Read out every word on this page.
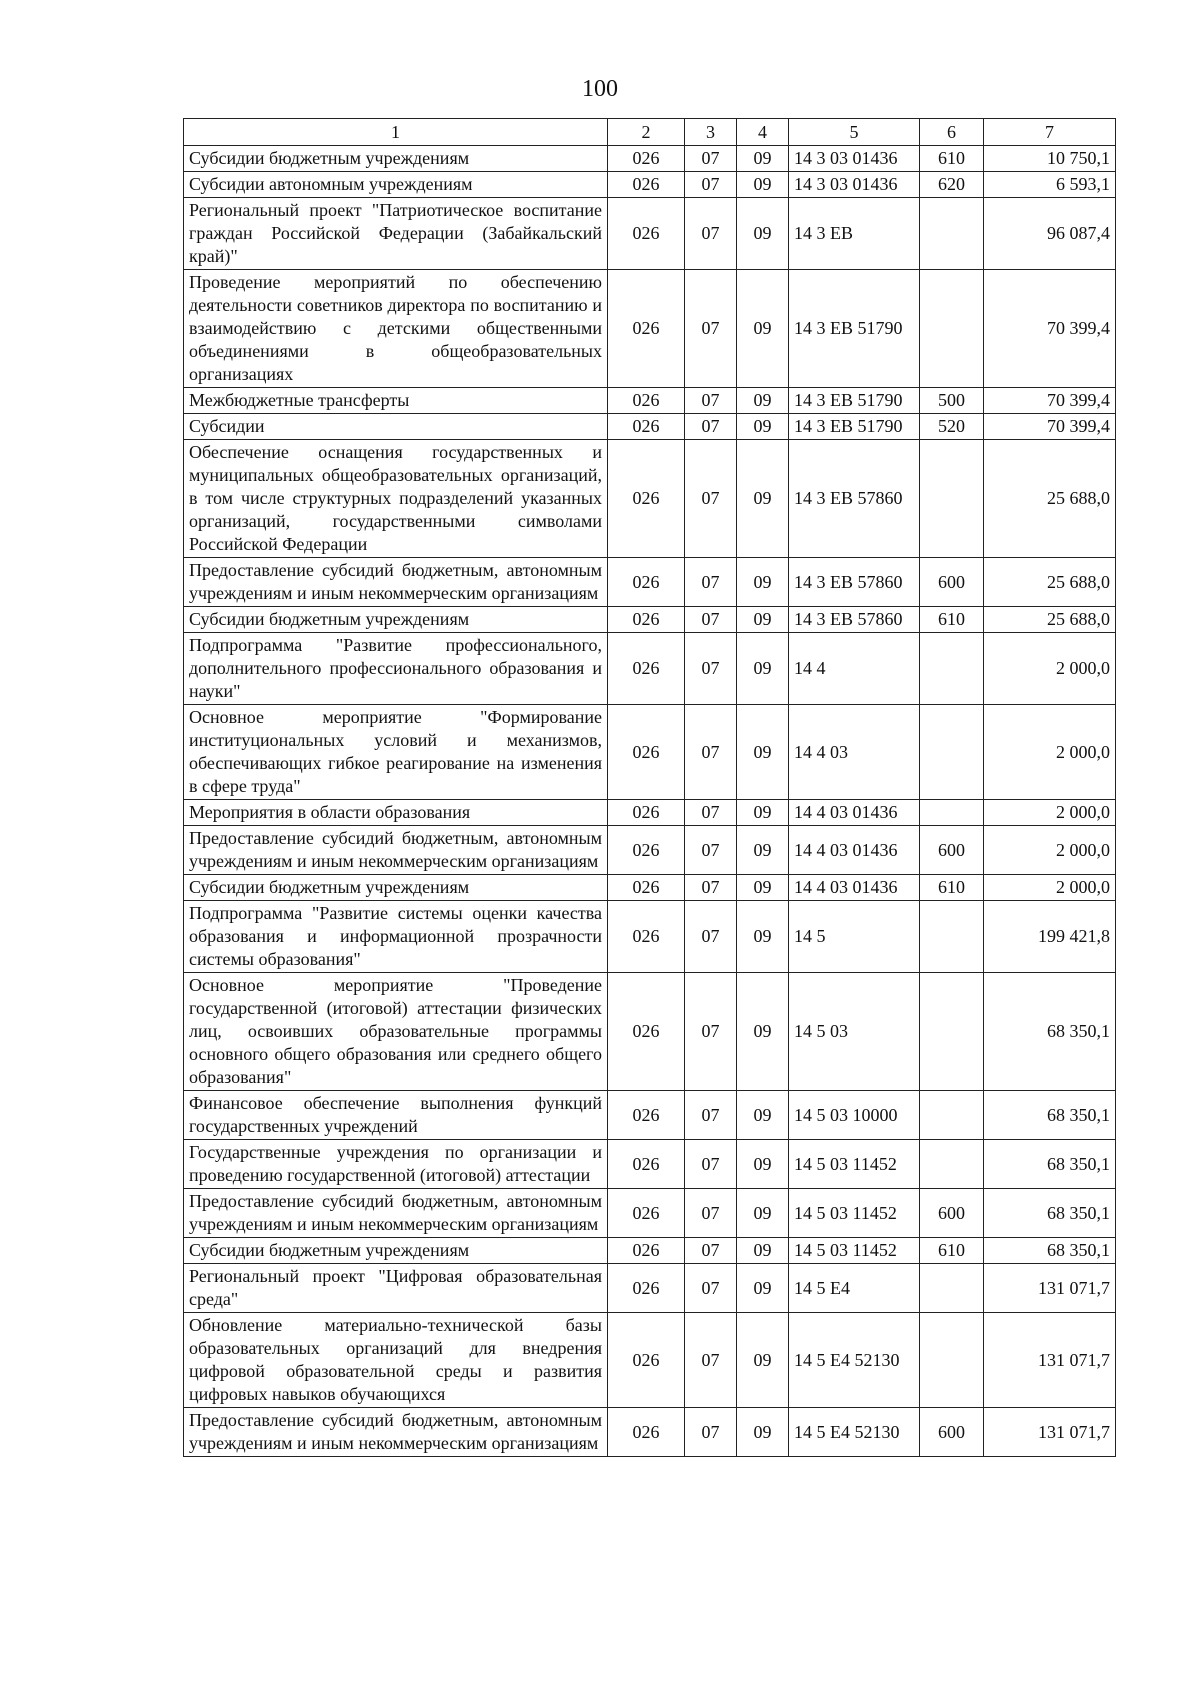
100
1	2	3	4	5	6	7
Субсидии бюджетным учреждениям	026	07	09	14 3 03 01436	610	10 750,1
Субсидии автономным учреждениям	026	07	09	14 3 03 01436	620	6 593,1
Региональный проект "Патриотическое воспитание граждан Российской Федерации (Забайкальский край)"	026	07	09	14 3 ЕВ		96 087,4
Проведение мероприятий по обеспечению деятельности советников директора по воспитанию и взаимодействию с детскими общественными объединениями в общеобразовательных организациях	026	07	09	14 3 ЕВ 51790		70 399,4
Межбюджетные трансферты	026	07	09	14 3 ЕВ 51790	500	70 399,4
Субсидии	026	07	09	14 3 ЕВ 51790	520	70 399,4
Обеспечение оснащения государственных и муниципальных общеобразовательных организаций, в том числе структурных подразделений указанных организаций, государственными символами Российской Федерации	026	07	09	14 3 ЕВ 57860		25 688,0
Предоставление субсидий бюджетным, автономным учреждениям и иным некоммерческим организациям	026	07	09	14 3 ЕВ 57860	600	25 688,0
Субсидии бюджетным учреждениям	026	07	09	14 3 ЕВ 57860	610	25 688,0
Подпрограмма "Развитие профессионального, дополнительного профессионального образования и науки"	026	07	09	14 4		2 000,0
Основное мероприятие "Формирование институциональных условий и механизмов, обеспечивающих гибкое реагирование на изменения в сфере труда"	026	07	09	14 4 03		2 000,0
Мероприятия в области образования	026	07	09	14 4 03 01436		2 000,0
Предоставление субсидий бюджетным, автономным учреждениям и иным некоммерческим организациям	026	07	09	14 4 03 01436	600	2 000,0
Субсидии бюджетным учреждениям	026	07	09	14 4 03 01436	610	2 000,0
Подпрограмма "Развитие системы оценки качества образования и информационной прозрачности системы образования"	026	07	09	14 5		199 421,8
Основное мероприятие "Проведение государственной (итоговой) аттестации физических лиц, освоивших образовательные программы основного общего образования или среднего общего образования"	026	07	09	14 5 03		68 350,1
Финансовое обеспечение выполнения функций государственных учреждений	026	07	09	14 5 03 10000		68 350,1
Государственные учреждения по организации и проведению государственной (итоговой) аттестации	026	07	09	14 5 03 11452		68 350,1
Предоставление субсидий бюджетным, автономным учреждениям и иным некоммерческим организациям	026	07	09	14 5 03 11452	600	68 350,1
Субсидии бюджетным учреждениям	026	07	09	14 5 03 11452	610	68 350,1
Региональный проект "Цифровая образовательная среда"	026	07	09	14 5 Е4		131 071,7
Обновление материально-технической базы образовательных организаций для внедрения цифровой образовательной среды и развития цифровых навыков обучающихся	026	07	09	14 5 Е4 52130		131 071,7
Предоставление субсидий бюджетным, автономным учреждениям и иным некоммерческим организациям	026	07	09	14 5 Е4 52130	600	131 071,7
